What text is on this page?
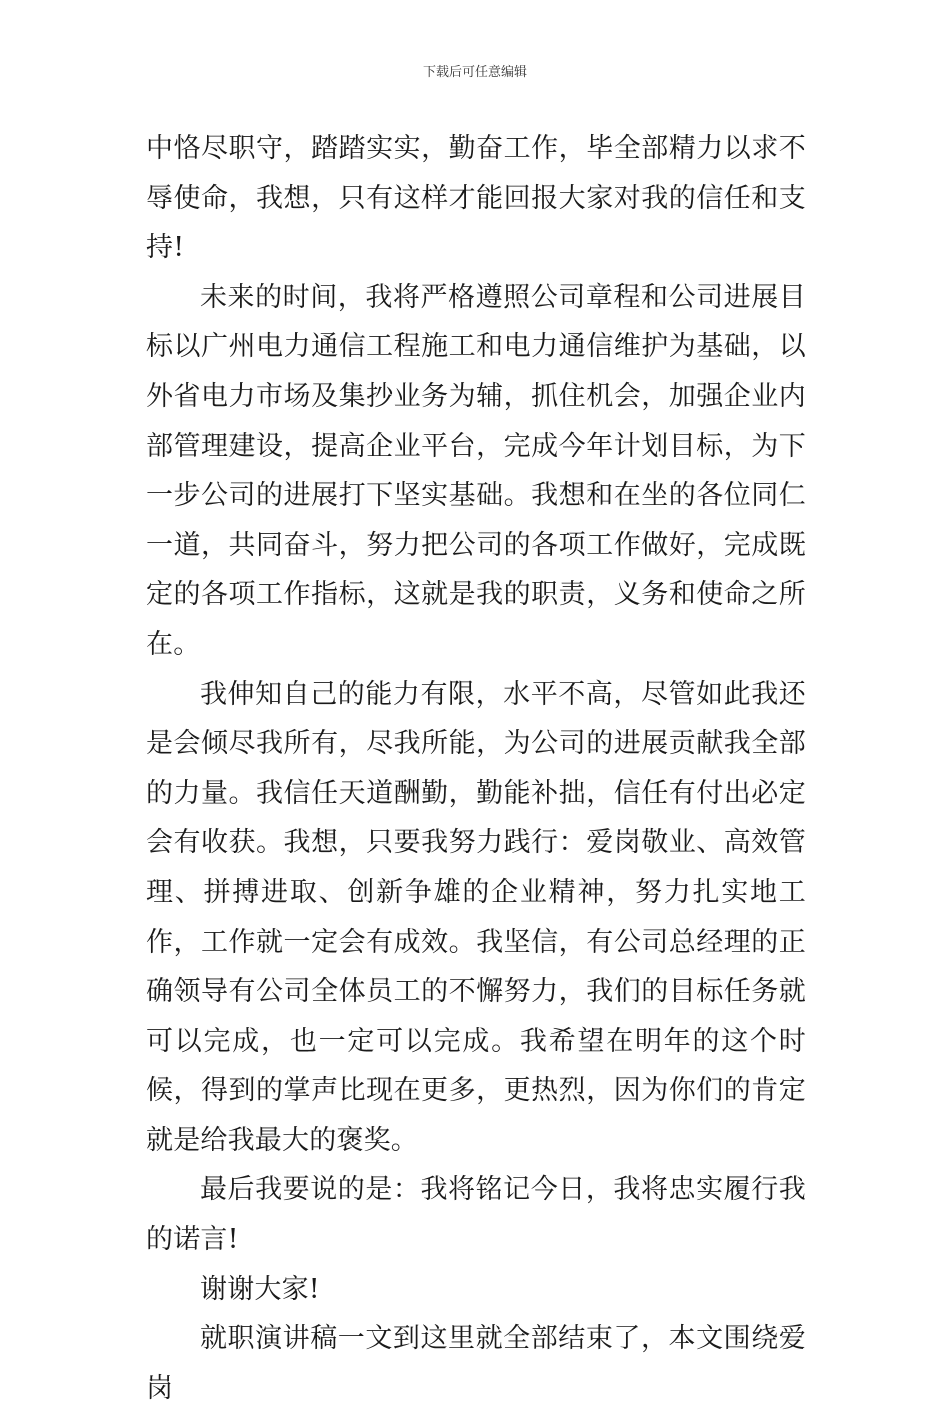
下载后可任意编辑

中恪尽职守，踏踏实实，勤奋工作，毕全部精力以求不辱使命，我想，只有这样才能回报大家对我的信任和支持!

未来的时间，我将严格遵照公司章程和公司进展目标以广州电力通信工程施工和电力通信维护为基础，以外省电力市场及集抄业务为辅，抓住机会，加强企业内部管理建设，提高企业平台，完成今年计划目标，为下一步公司的进展打下坚实基础。我想和在坐的各位同仁一道，共同奋斗，努力把公司的各项工作做好，完成既定的各项工作指标，这就是我的职责，义务和使命之所在。

我伸知自己的能力有限，水平不高，尽管如此我还是会倾尽我所有，尽我所能，为公司的进展贡献我全部的力量。我信任天道酬勤，勤能补拙，信任有付出必定会有收获。我想，只要我努力践行：爱岗敬业、高效管理、拼搏进取、创新争雄的企业精神，努力扎实地工作，工作就一定会有成效。我坚信，有公司总经理的正确领导有公司全体员工的不懈努力，我们的目标任务就可以完成，也一定可以完成。我希望在明年的这个时候，得到的掌声比现在更多，更热烈，因为你们的肯定就是给我最大的褒奖。

最后我要说的是：我将铭记今日，我将忠实履行我的诺言!

谢谢大家!

就职演讲稿一文到这里就全部结束了，本文围绕爱岗
